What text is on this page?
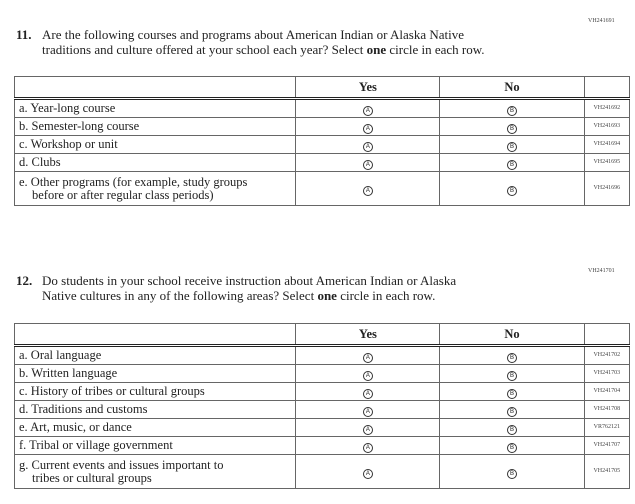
VH241691
11. Are the following courses and programs about American Indian or Alaska Native
traditions and culture offered at your school each year? Select one circle in each row.
	Yes	No	
a. Year-long course	A	B	VH241692
b. Semester-long course	A	B	VH241693
c. Workshop or unit	A	B	VH241694
d. Clubs	A	B	VH241695
e. Other programs (for example, study groups
before or after regular class periods)	A	B	VH241696
VH241701
12. Do students in your school receive instruction about American Indian or Alaska
Native cultures in any of the following areas? Select one circle in each row.
	Yes	No	
a. Oral language	A	B	VH241702
b. Written language	A	B	VH241703
c. History of tribes or cultural groups	A	B	VH241704
d. Traditions and customs	A	B	VH241708
e. Art, music, or dance	A	B	VR762121
f. Tribal or village government	A	B	VH241707
g. Current events and issues important to
tribes or cultural groups	A	B	VH241705
